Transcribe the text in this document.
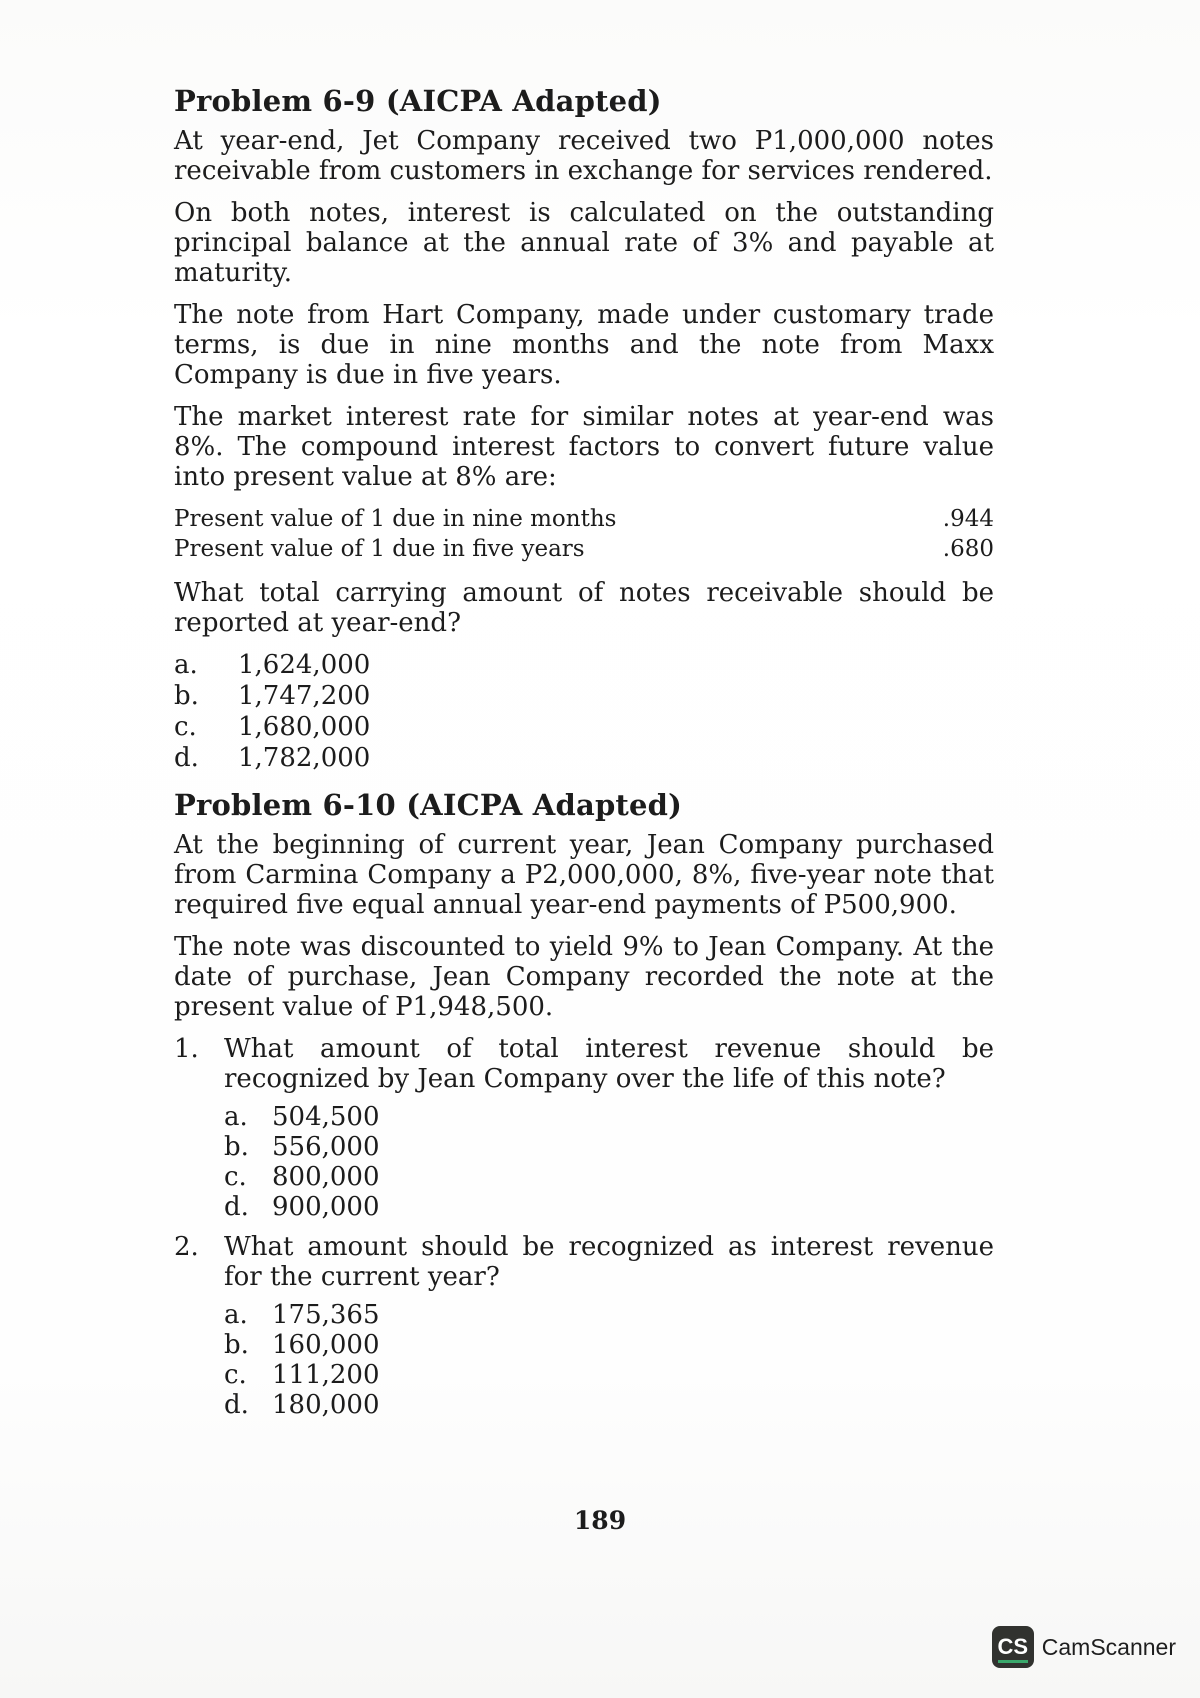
Problem 6-9 (AICPA Adapted)

At year-end, Jet Company received two P1,000,000 notes receivable from customers in exchange for services rendered.

On both notes, interest is calculated on the outstanding principal balance at the annual rate of 3% and payable at maturity.

The note from Hart Company, made under customary trade terms, is due in nine months and the note from Maxx Company is due in five years.

The market interest rate for similar notes at year-end was 8%. The compound interest factors to convert future value into present value at 8% are:

Present value of 1 due in nine months	.944
Present value of 1 due in five years	.680

What total carrying amount of notes receivable should be reported at year-end?

a.	1,624,000
b.	1,747,200
c.	1,680,000
d.	1,782,000
Problem 6-10 (AICPA Adapted)

At the beginning of current year, Jean Company purchased from Carmina Company a P2,000,000, 8%, five-year note that required five equal annual year-end payments of P500,900.

The note was discounted to yield 9% to Jean Company. At the date of purchase, Jean Company recorded the note at the present value of P1,948,500.

1. What amount of total interest revenue should be recognized by Jean Company over the life of this note?
a. 504,500
b. 556,000
c. 800,000
d. 900,000
2. What amount should be recognized as interest revenue for the current year?
a. 175,365
b. 160,000
c. 111,200
d. 180,000
189
CS CamScanner
